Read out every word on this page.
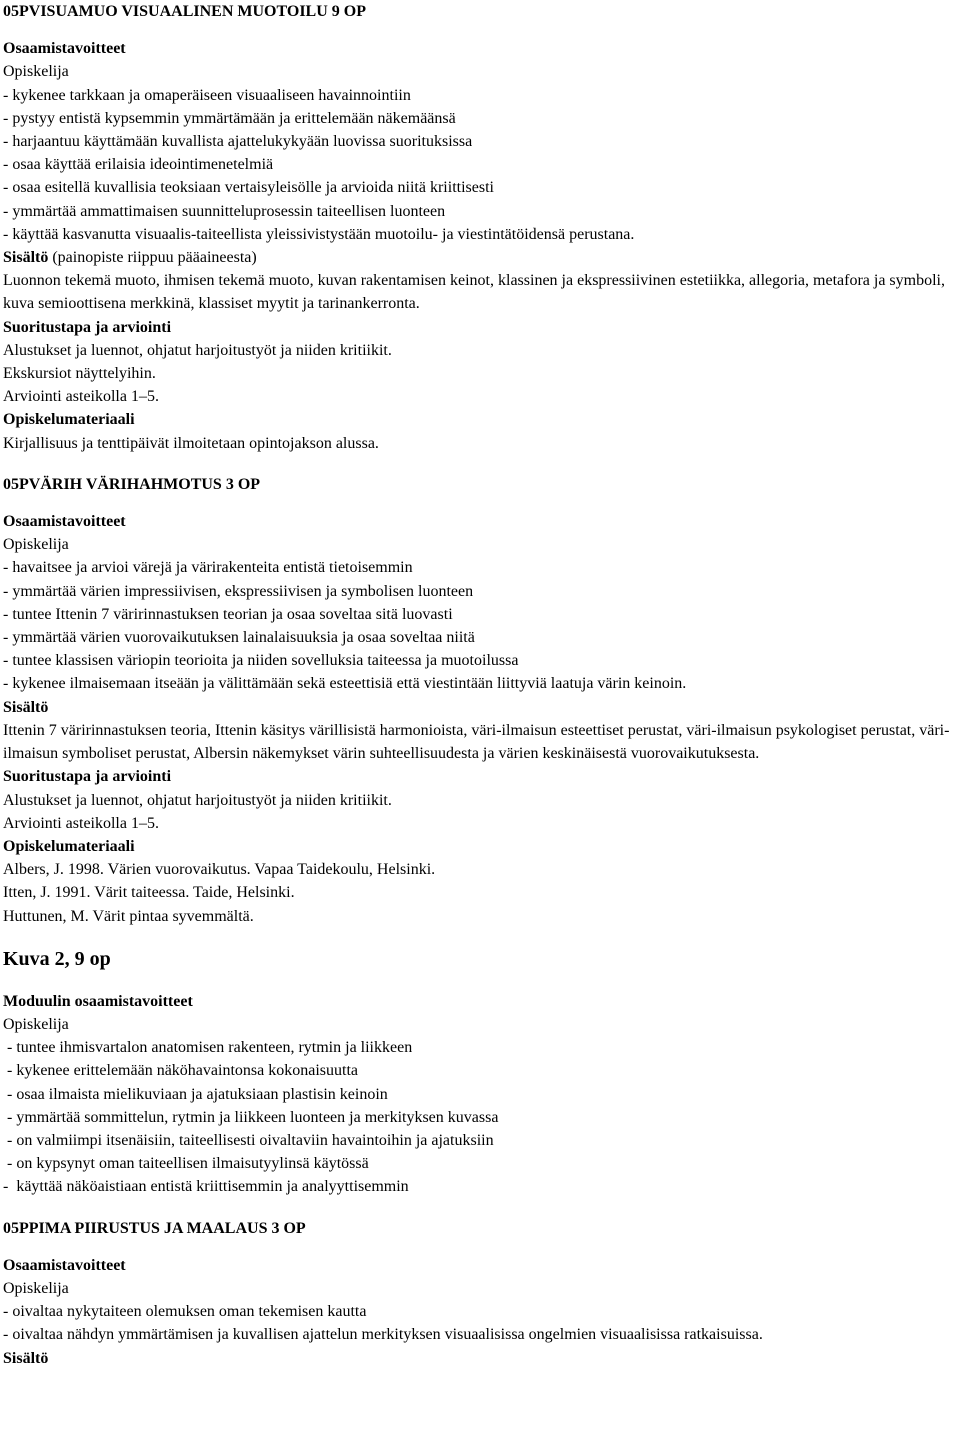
05PVISUAMUO VISUAALINEN MUOTOILU 9 OP
Osaamistavoitteet
Opiskelija
- kykenee tarkkaan ja omaperäiseen visuaaliseen havainnointiin
- pystyy entistä kypsemmin ymmärtämään ja erittelemään näkemäänsä
- harjaantuu käyttämään kuvallista ajattelukykyään luovissa suorituksissa
- osaa käyttää erilaisia ideointimenetelmiä
- osaa esitellä kuvallisia teoksiaan vertaisyleisölle ja arvioida niitä kriittisesti
- ymmärtää ammattimaisen suunnitteluprosessin taiteellisen luonteen
- käyttää kasvanutta visuaalis-taiteellista yleissivistystään muotoilu- ja viestintätöidensä perustana.
Sisältö (painopiste riippuu pääaineesta)
Luonnon tekemä muoto, ihmisen tekemä muoto, kuvan rakentamisen keinot, klassinen ja ekspressiivinen estetiikka, allegoria, metafora ja symboli, kuva semioottisena merkkinä, klassiset myytit ja tarinankerronta.
Suoritustapa ja arviointi
Alustukset ja luennot, ohjatut harjoitustyöt ja niiden kritiikit.
Ekskursiot näyttelyihin.
Arviointi asteikolla 1–5.
Opiskelumateriaali
Kirjallisuus ja tenttipäivät ilmoitetaan opintojakson alussa.
05PVÄRIH VÄRIHAHMOTUS 3 OP
Osaamistavoitteet
Opiskelija
- havaitsee ja arvioi värejä ja värirakenteita entistä tietoisemmin
- ymmärtää värien impressiivisen, ekspressiivisen ja symbolisen luonteen
- tuntee Ittenin 7 väririnnastuksen teorian ja osaa soveltaa sitä luovasti
- ymmärtää värien vuorovaikutuksen lainalaisuuksia ja osaa soveltaa niitä
- tuntee klassisen väriopin teorioita ja niiden sovelluksia taiteessa ja muotoilussa
- kykenee ilmaisemaan itseään ja välittämään sekä esteettisiä että viestintään liittyviä laatuja värin keinoin.
Sisältö
Ittenin 7 väririnnastuksen teoria, Ittenin käsitys värillisistä harmonioista, väri-ilmaisun esteettiset perustat, väri-ilmaisun psykologiset perustat, väri-ilmaisun symboliset perustat, Albersin näkemykset värin suhteellisuudesta ja värien keskinäisestä vuorovaikutuksesta.
Suoritustapa ja arviointi
Alustukset ja luennot, ohjatut harjoitustyöt ja niiden kritiikit.
Arviointi asteikolla 1–5.
Opiskelumateriaali
Albers, J. 1998. Värien vuorovaikutus. Vapaa Taidekoulu, Helsinki.
Itten, J. 1991. Värit taiteessa. Taide, Helsinki.
Huttunen, M. Värit pintaa syvemmältä.
Kuva 2, 9 op
Moduulin osaamistavoitteet
Opiskelija
- tuntee ihmisvartalon anatomisen rakenteen, rytmin ja liikkeen
- kykenee erittelemään näköhavaintonsa kokonaisuutta
- osaa ilmaista mielikuviaan ja ajatuksiaan plastisin keinoin
- ymmärtää sommittelun, rytmin ja liikkeen luonteen ja merkityksen kuvassa
- on valmiimpi itsenäisiin, taiteellisesti oivaltaviin havaintoihin ja ajatuksiin
- on kypsynyt oman taiteellisen ilmaisutyylinsä käytössä
-  käyttää näköaistiaan entistä kriittisemmin ja analyyttisemmin
05PPIMA PIIRUSTUS JA MAALAUS 3 OP
Osaamistavoitteet
Opiskelija
- oivaltaa nykytaiteen olemuksen oman tekemisen kautta
- oivaltaa nähdyn ymmärtämisen ja kuvallisen ajattelun merkityksen visuaalisissa ongelmien visuaalisissa ratkaisuissa.
Sisältö
